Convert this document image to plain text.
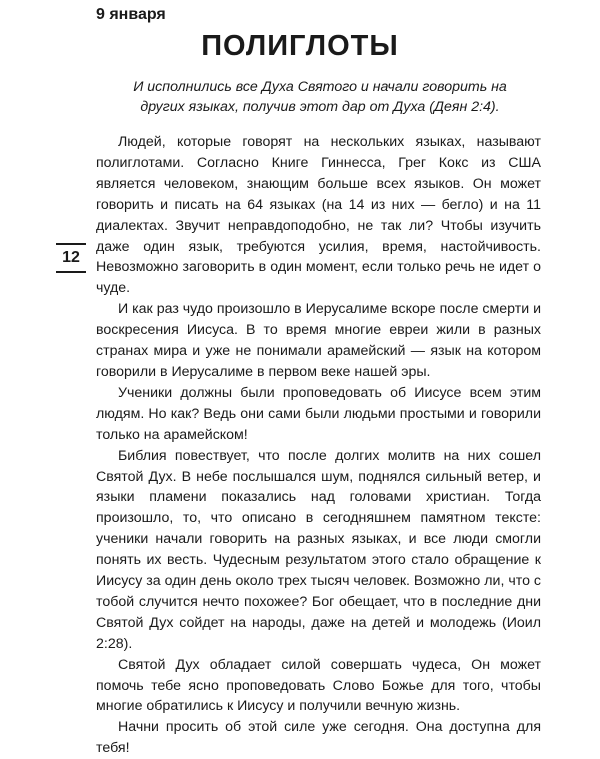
9 января
ПОЛИГЛОТЫ
И исполнились все Духа Святого и начали говорить на других языках, получив этот дар от Духа (Деян 2:4).
12

Людей, которые говорят на нескольких языках, называют полиглотами. Согласно Книге Гиннесса, Грег Кокс из США является человеком, знающим больше всех языков. Он может говорить и писать на 64 языках (на 14 из них — бегло) и на 11 диалектах. Звучит неправдоподобно, не так ли? Чтобы изучить даже один язык, требуются усилия, время, настойчивость. Невозможно заговорить в один момент, если только речь не идет о чуде.

И как раз чудо произошло в Иерусалиме вскоре после смерти и воскресения Иисуса. В то время многие евреи жили в разных странах мира и уже не понимали арамейский — язык на котором говорили в Иерусалиме в первом веке нашей эры.

Ученики должны были проповедовать об Иисусе всем этим людям. Но как? Ведь они сами были людьми простыми и говорили только на арамейском!

Библия повествует, что после долгих молитв на них сошел Святой Дух. В небе послышался шум, поднялся сильный ветер, и языки пламени показались над головами христиан. Тогда произошло, то, что описано в сегодняшнем памятном тексте: ученики начали говорить на разных языках, и все люди смогли понять их весть. Чудесным результатом этого стало обращение к Иисусу за один день около трех тысяч человек. Возможно ли, что с тобой случится нечто похожее? Бог обещает, что в последние дни Святой Дух сойдет на народы, даже на детей и молодежь (Иоил 2:28).

Святой Дух обладает силой совершать чудеса, Он может помочь тебе ясно проповедовать Слово Божье для того, чтобы многие обратились к Иисусу и получили вечную жизнь.

Начни просить об этой силе уже сегодня. Она доступна для тебя!
